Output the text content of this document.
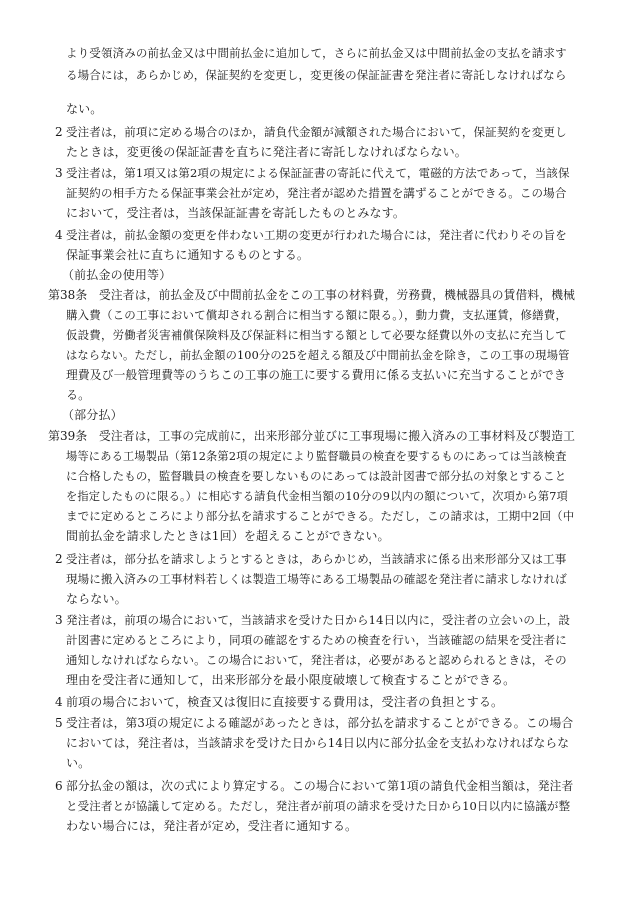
より受領済みの前払金又は中間前払金に追加して，さらに前払金又は中間前払金の支払を請求す
る場合には，あらかじめ，保証契約を変更し，変更後の保証証書を発注者に寄託しなければなら
ない。
2 受注者は，前項に定める場合のほか，請負代金額が減額された場合において，保証契約を変更し
たときは，変更後の保証証書を直ちに発注者に寄託しなければならない。
3 受注者は，第1項又は第2項の規定による保証証書の寄託に代えて，電磁的方法であって，当該保
証契約の相手方たる保証事業会社が定め，発注者が認めた措置を講ずることができる。この場合
において，受注者は，当該保証証書を寄託したものとみなす。
4 受注者は，前払金額の変更を伴わない工期の変更が行われた場合には，発注者に代わりその旨を
保証事業会社に直ちに通知するものとする。
（前払金の使用等）
第38条 受注者は，前払金及び中間前払金をこの工事の材料費，労務費，機械器具の賃借料，機械
購入費（この工事において償却される割合に相当する額に限る。），動力費，支払運賃，修繕費，
仮設費，労働者災害補償保険料及び保証料に相当する額として必要な経費以外の支払に充当して
はならない。ただし，前払金額の100分の25を超える額及び中間前払金を除き，この工事の現場管
理費及び一般管理費等のうちこの工事の施工に要する費用に係る支払いに充当することができ
る。
（部分払）
第39条 受注者は，工事の完成前に，出来形部分並びに工事現場に搬入済みの工事材料及び製造工
場等にある工場製品（第12条第2項の規定により監督職員の検査を要するものにあっては当該検査
に合格したもの，監督職員の検査を要しないものにあっては設計図書で部分払の対象とすること
を指定したものに限る。）に相応する請負代金相当額の10分の9以内の額について，次項から第7項
までに定めるところにより部分払を請求することができる。ただし，この請求は，工期中2回（中
間前払金を請求したときは1回）を超えることができない。
2 受注者は，部分払を請求しようとするときは，あらかじめ，当該請求に係る出来形部分又は工事
現場に搬入済みの工事材料若しくは製造工場等にある工場製品の確認を発注者に請求しなければ
ならない。
3 発注者は，前項の場合において，当該請求を受けた日から14日以内に，受注者の立会いの上，設
計図書に定めるところにより，同項の確認をするための検査を行い，当該確認の結果を受注者に
通知しなければならない。この場合において，発注者は，必要があると認められるときは，その
理由を受注者に通知して，出来形部分を最小限度破壊して検査することができる。
4 前項の場合において，検査又は復旧に直接要する費用は，受注者の負担とする。
5 受注者は，第3項の規定による確認があったときは，部分払を請求することができる。この場合
においては，発注者は，当該請求を受けた日から14日以内に部分払金を支払わなければならな
い。
6 部分払金の額は，次の式により算定する。この場合において第1項の請負代金相当額は，発注者
と受注者とが協議して定める。ただし，発注者が前項の請求を受けた日から10日以内に協議が整
わない場合には，発注者が定め，受注者に通知する。
